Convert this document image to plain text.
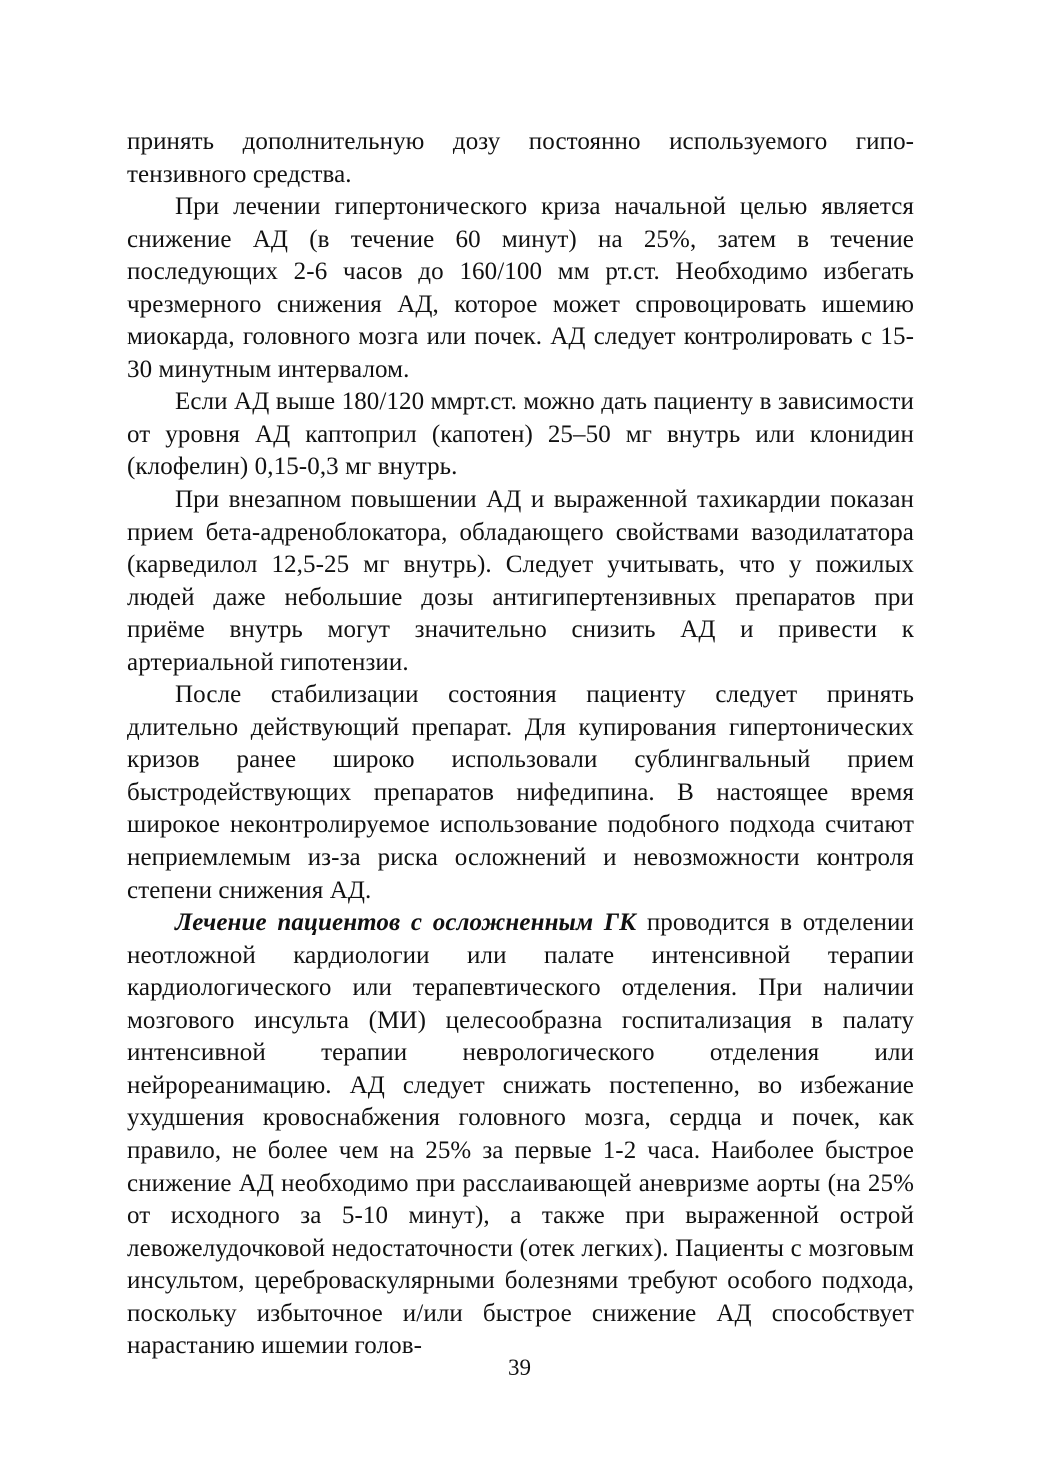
принять дополнительную дозу постоянно используемого гипотензивного средства.

При лечении гипертонического криза начальной целью является снижение АД (в течение 60 минут) на 25%, затем в течение последующих 2-6 часов до 160/100 мм рт.ст. Необходимо избегать чрезмерного снижения АД, которое может спровоцировать ишемию миокарда, головного мозга или почек. АД следует контролировать с 15-30 минутным интервалом.

Если АД выше 180/120 ммрт.ст. можно дать пациенту в зависимости от уровня АД каптоприл (капотен) 25–50 мг внутрь или клонидин (клофелин) 0,15-0,3 мг внутрь.

При внезапном повышении АД и выраженной тахикардии показан прием бета-адреноблокатора, обладающего свойствами вазодилататора (карведилол 12,5-25 мг внутрь). Следует учитывать, что у пожилых людей даже небольшие дозы антигипертензивных препаратов при приёме внутрь могут значительно снизить АД и привести к артериальной гипотензии.

После стабилизации состояния пациенту следует принять длительно действующий препарат. Для купирования гипертонических кризов ранее широко использовали сублингвальный прием быстродействующих препаратов нифедипина. В настоящее время широкое неконтролируемое использование подобного подхода считают неприемлемым из-за риска осложнений и невозможности контроля степени снижения АД.

Лечение пациентов с осложненным ГК проводится в отделении неотложной кардиологии или палате интенсивной терапии кардиологического или терапевтического отделения. При наличии мозгового инсульта (МИ) целесообразна госпитализация в палату интенсивной терапии неврологического отделения или нейрореанимацию. АД следует снижать постепенно, во избежание ухудшения кровоснабжения головного мозга, сердца и почек, как правило, не более чем на 25% за первые 1-2 часа. Наиболее быстрое снижение АД необходимо при расслаивающей аневризме аорты (на 25% от исходного за 5-10 минут), а также при выраженной острой левожелудочковой недостаточности (отек легких). Пациенты с мозговым инсультом, цереброваскулярными болезнями требуют особого подхода, поскольку избыточное и/или быстрое снижение АД способствует нарастанию ишемии голов-

39
